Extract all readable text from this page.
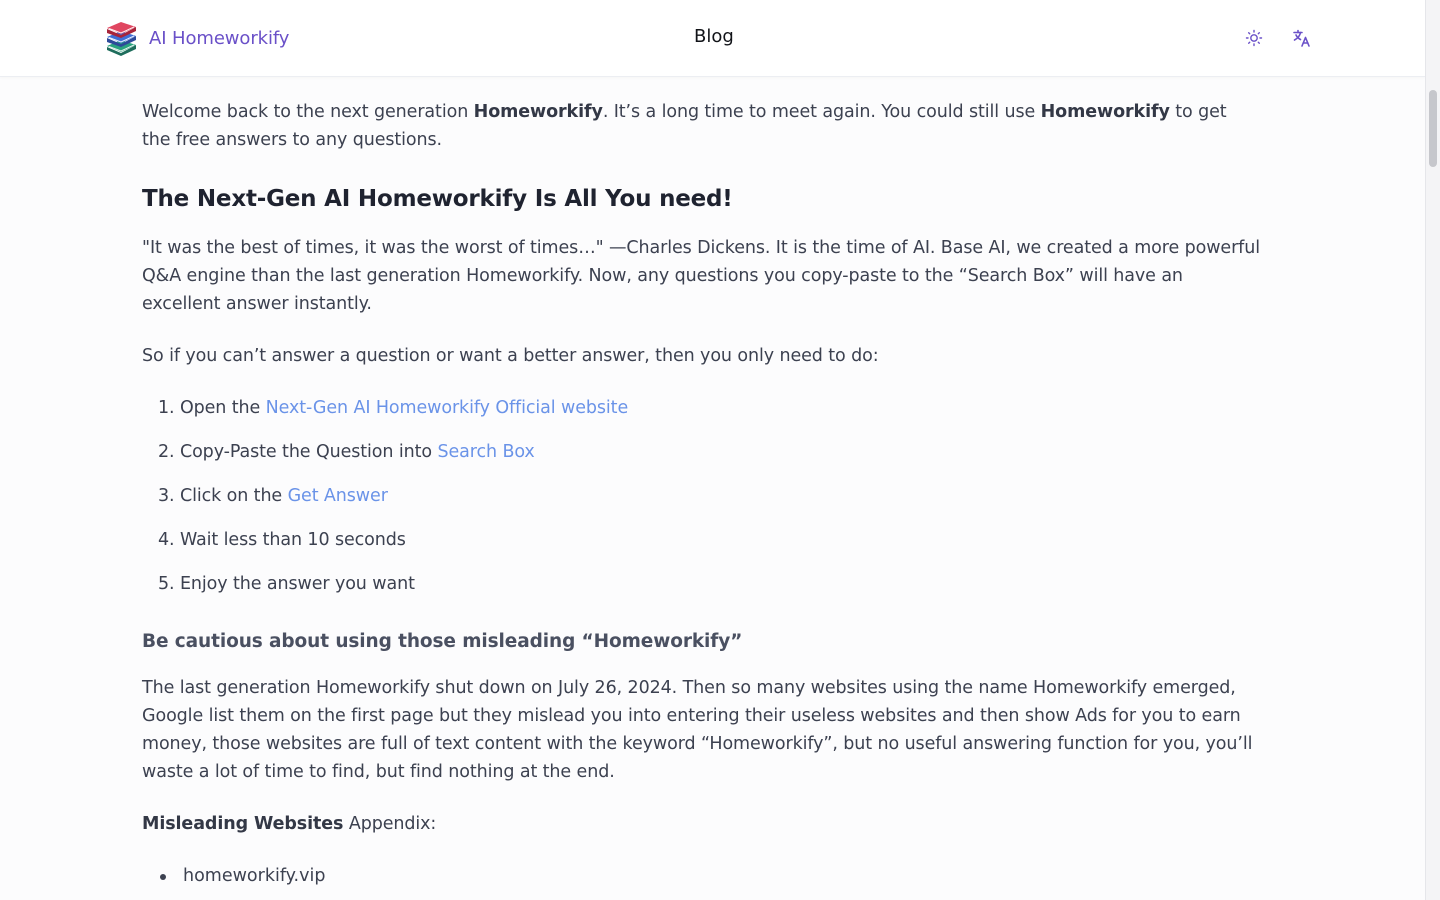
AI Homeworkify	Blog

Welcome back to the next generation Homeworkify. It’s a long time to meet again. You could still use Homeworkify to get the free answers to any questions.

The Next-Gen AI Homeworkify Is All You need!

"It was the best of times, it was the worst of times…" —Charles Dickens. It is the time of AI. Base AI, we created a more powerful Q&A engine than the last generation Homeworkify. Now, any questions you copy-paste to the “Search Box” will have an excellent answer instantly.

So if you can’t answer a question or want a better answer, then you only need to do:

1. Open the Next-Gen AI Homeworkify Official website
2. Copy-Paste the Question into Search Box
3. Click on the Get Answer
4. Wait less than 10 seconds
5. Enjoy the answer you want
Be cautious about using those misleading “Homeworkify”

The last generation Homeworkify shut down on July 26, 2024. Then so many websites using the name Homeworkify emerged, Google list them on the first page but they mislead you into entering their useless websites and then show Ads for you to earn money, those websites are full of text content with the keyword “Homeworkify”, but no useful answering function for you, you’ll waste a lot of time to find, but find nothing at the end.

Misleading Websites Appendix:

homeworkify.vip
